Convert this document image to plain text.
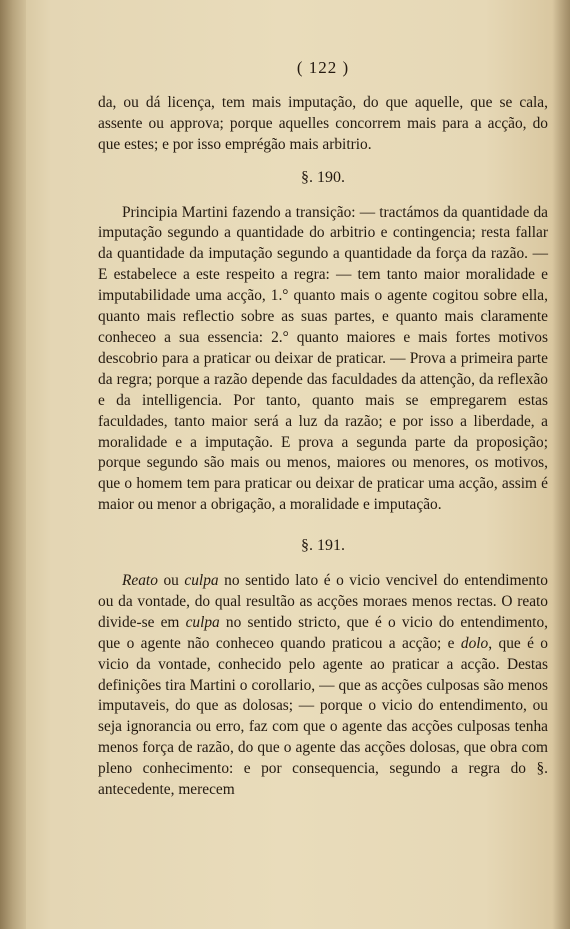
( 122 )

da, ou dá licença, tem mais imputação, do que aquelle, que se cala, assente ou approva; porque aquelles concorrem mais para a acção, do que estes; e por isso emprégão mais arbitrio.

§. 190.

Principia Martini fazendo a transição: — tractámos da quantidade da imputação segundo a quantidade do arbitrio e contingencia; resta fallar da quantidade da imputação segundo a quantidade da força da razão. — E estabelece a este respeito a regra: — tem tanto maior moralidade e imputabilidade uma acção, 1.° quanto mais o agente cogitou sobre ella, quanto mais reflectio sobre as suas partes, e quanto mais claramente conheceo a sua essencia: 2.° quanto maiores e mais fortes motivos descobrio para a praticar ou deixar de praticar. — Prova a primeira parte da regra; porque a razão depende das faculdades da attenção, da reflexão e da intelligencia. Por tanto, quanto mais se empregarem estas faculdades, tanto maior será a luz da razão; e por isso a liberdade, a moralidade e a imputação. E prova a segunda parte da proposição; porque segundo são mais ou menos, maiores ou menores, os motivos, que o homem tem para praticar ou deixar de praticar uma acção, assim é maior ou menor a obrigação, a moralidade e imputação.

§. 191.

Reato ou culpa no sentido lato é o vicio vencivel do entendimento ou da vontade, do qual resultão as acções moraes menos rectas. O reato divide-se em culpa no sentido stricto, que é o vicio do entendimento, que o agente não conheceo quando praticou a acção; e dolo, que é o vicio da vontade, conhecido pelo agente ao praticar a acção. Destas definições tira Martini o corollario, — que as acções culposas são menos imputaveis, do que as dolosas; — porque o vicio do entendimento, ou seja ignorancia ou erro, faz com que o agente das acções culposas tenha menos força de razão, do que o agente das acções dolosas, que obra com pleno conhecimento: e por consequencia, segundo a regra do §. antecedente, merecem
